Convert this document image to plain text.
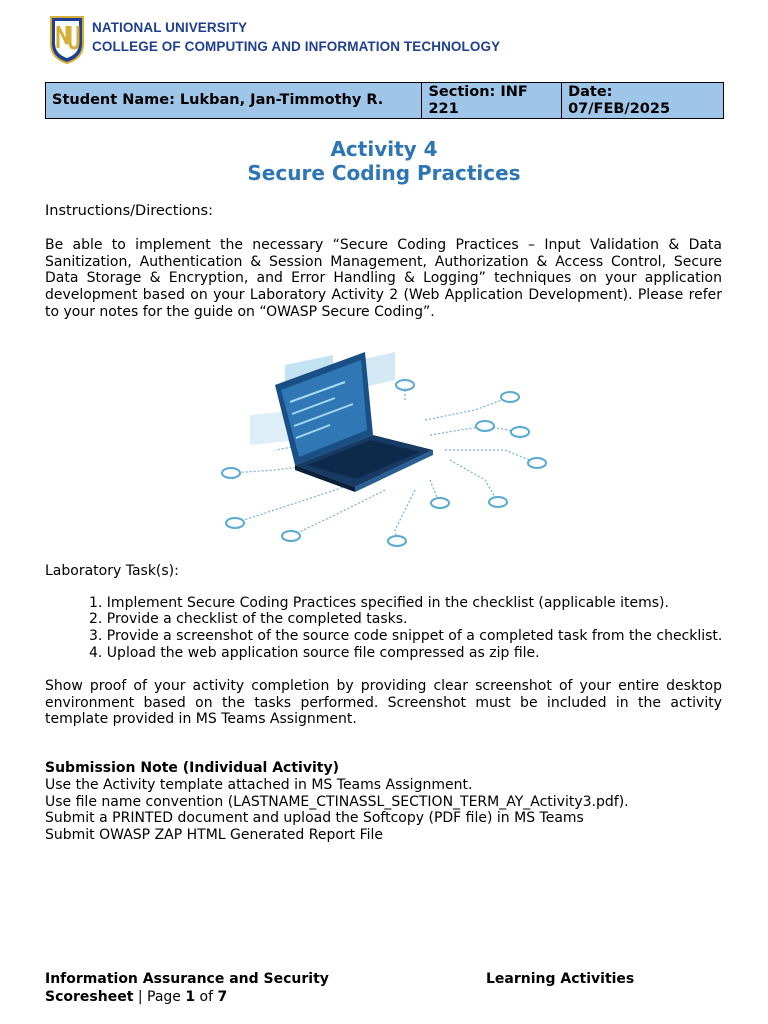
NATIONAL UNIVERSITY
COLLEGE OF COMPUTING AND INFORMATION TECHNOLOGY
Student Name: Lukban, Jan-Timmothy R.	Section: INF 221	Date: 07/FEB/2025
Activity 4
Secure Coding Practices
Instructions/Directions:
Be able to implement the necessary “Secure Coding Practices – Input Validation & Data Sanitization, Authentication & Session Management, Authorization & Access Control, Secure Data Storage & Encryption, and Error Handling & Logging” techniques on your application development based on your Laboratory Activity 2 (Web Application Development). Please refer to your notes for the guide on “OWASP Secure Coding”.
Laboratory Task(s):
1. Implement Secure Coding Practices specified in the checklist (applicable items).
2. Provide a checklist of the completed tasks.
3. Provide a screenshot of the source code snippet of a completed task from the checklist.
4. Upload the web application source file compressed as zip file.
Show proof of your activity completion by providing clear screenshot of your entire desktop environment based on the tasks performed. Screenshot must be included in the activity template provided in MS Teams Assignment.
Submission Note (Individual Activity)
Use the Activity template attached in MS Teams Assignment.
Use file name convention (LASTNAME_CTINASSL_SECTION_TERM_AY_Activity3.pdf).
Submit a PRINTED document and upload the Softcopy (PDF file) in MS Teams
Submit OWASP ZAP HTML Generated Report File
Information Assurance and Security
Scoresheet | Page 1 of 7
Learning Activities
